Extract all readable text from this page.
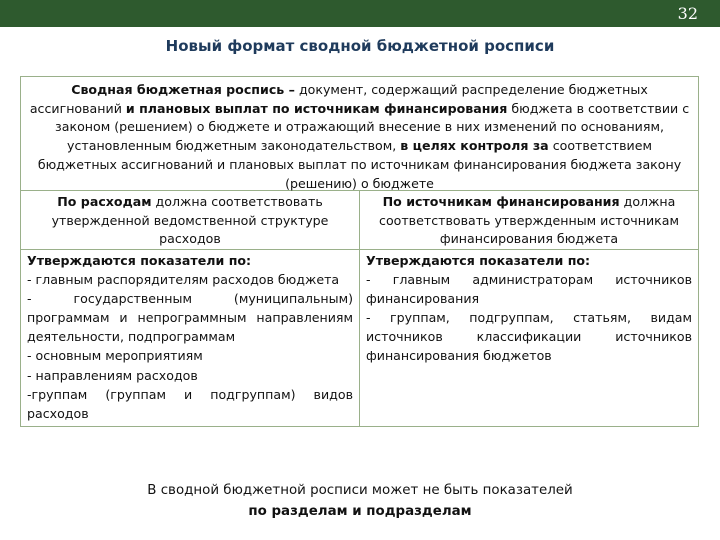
32
Новый формат сводной бюджетной росписи
Сводная бюджетная роспись – документ, содержащий распределение бюджетных ассигнований и плановых выплат по источникам финансирования бюджета в соответствии с законом (решением) о бюджете и отражающий внесение в них изменений по основаниям, установленным бюджетным законодательством, в целях контроля за соответствием бюджетных ассигнований и плановых выплат по источникам финансирования бюджета закону (решению) о бюджете
По расходам должна соответствовать утвержденной ведомственной структуре расходов
По источникам финансирования должна соответствовать утвержденным источникам финансирования бюджета
Утверждаются показатели по:
- главным распорядителям расходов бюджета
- государственным (муниципальным) программам и непрограммным направлениям деятельности, подпрограммам
- основным мероприятиям
- направлениям расходов
-группам (группам и подгруппам) видов расходов
Утверждаются показатели по:
- главным администраторам источников финансирования
- группам, подгруппам, статьям, видам источников классификации источников финансирования бюджетов
В сводной бюджетной росписи может не быть показателей
по разделам и подразделам
